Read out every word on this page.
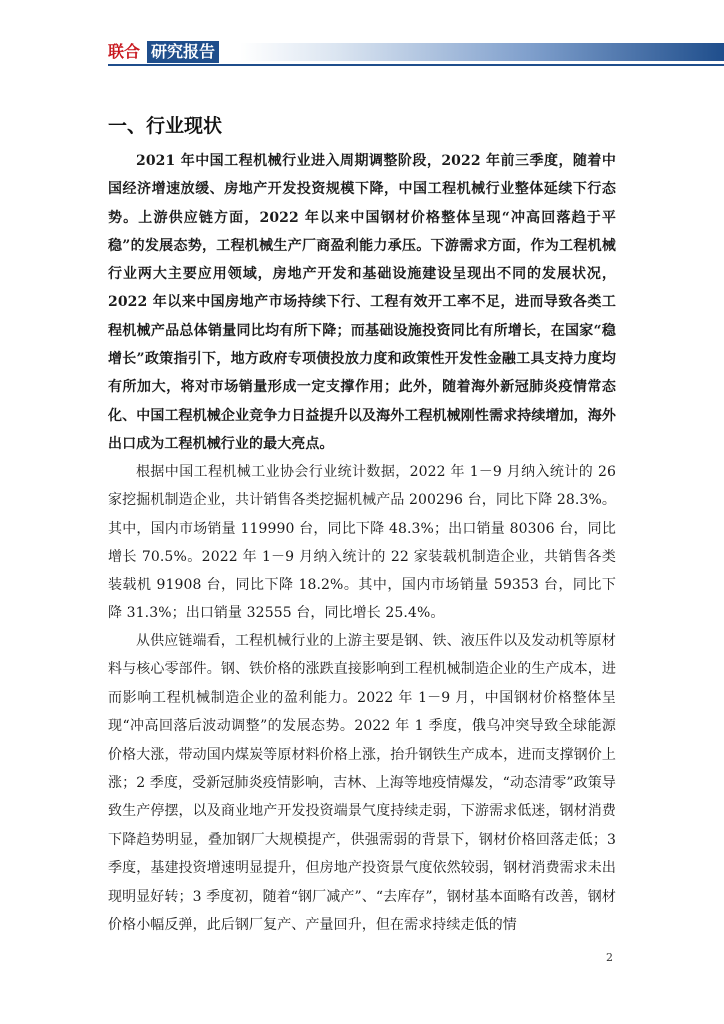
联合 研究报告
一、行业现状

2021 年中国工程机械行业进入周期调整阶段，2022 年前三季度，随着中国经济增速放缓、房地产开发投资规模下降，中国工程机械行业整体延续下行态势。上游供应链方面，2022 年以来中国钢材价格整体呈现“冲高回落趋于平稳”的发展态势，工程机械生产厂商盈利能力承压。下游需求方面，作为工程机械行业两大主要应用领域，房地产开发和基础设施建设呈现出不同的发展状况，2022 年以来中国房地产市场持续下行、工程有效开工率不足，进而导致各类工程机械产品总体销量同比均有所下降；而基础设施投资同比有所增长，在国家“稳增长”政策指引下，地方政府专项债投放力度和政策性开发性金融工具支持力度均有所加大，将对市场销量形成一定支撑作用；此外，随着海外新冠肺炎疫情常态化、中国工程机械企业竞争力日益提升以及海外工程机械刚性需求持续增加，海外出口成为工程机械行业的最大亮点。

根据中国工程机械工业协会行业统计数据，2022 年 1－9 月纳入统计的 26 家挖掘机制造企业，共计销售各类挖掘机械产品 200296 台，同比下降 28.3%。其中，国内市场销量 119990 台，同比下降 48.3%；出口销量 80306 台，同比增长 70.5%。2022 年 1－9 月纳入统计的 22 家装载机制造企业，共销售各类装载机 91908 台，同比下降 18.2%。其中，国内市场销量 59353 台，同比下降 31.3%；出口销量 32555 台，同比增长 25.4%。

从供应链端看，工程机械行业的上游主要是钢、铁、液压件以及发动机等原材料与核心零部件。钢、铁价格的涨跌直接影响到工程机械制造企业的生产成本，进而影响工程机械制造企业的盈利能力。2022 年 1－9 月，中国钢材价格整体呈现“冲高回落后波动调整”的发展态势。2022 年 1 季度，俄乌冲突导致全球能源价格大涨，带动国内煤炭等原材料价格上涨，抬升钢铁生产成本，进而支撑钢价上涨；2 季度，受新冠肺炎疫情影响，吉林、上海等地疫情爆发，“动态清零”政策导致生产停摆，以及商业地产开发投资端景气度持续走弱，下游需求低迷，钢材消费下降趋势明显，叠加钢厂大规模提产，供强需弱的背景下，钢材价格回落走低；3 季度，基建投资增速明显提升，但房地产投资景气度依然较弱，钢材消费需求未出现明显好转；3 季度初，随着“钢厂减产”、“去库存”，钢材基本面略有改善，钢材价格小幅反弹，此后钢厂复产、产量回升，但在需求持续走低的情

2
